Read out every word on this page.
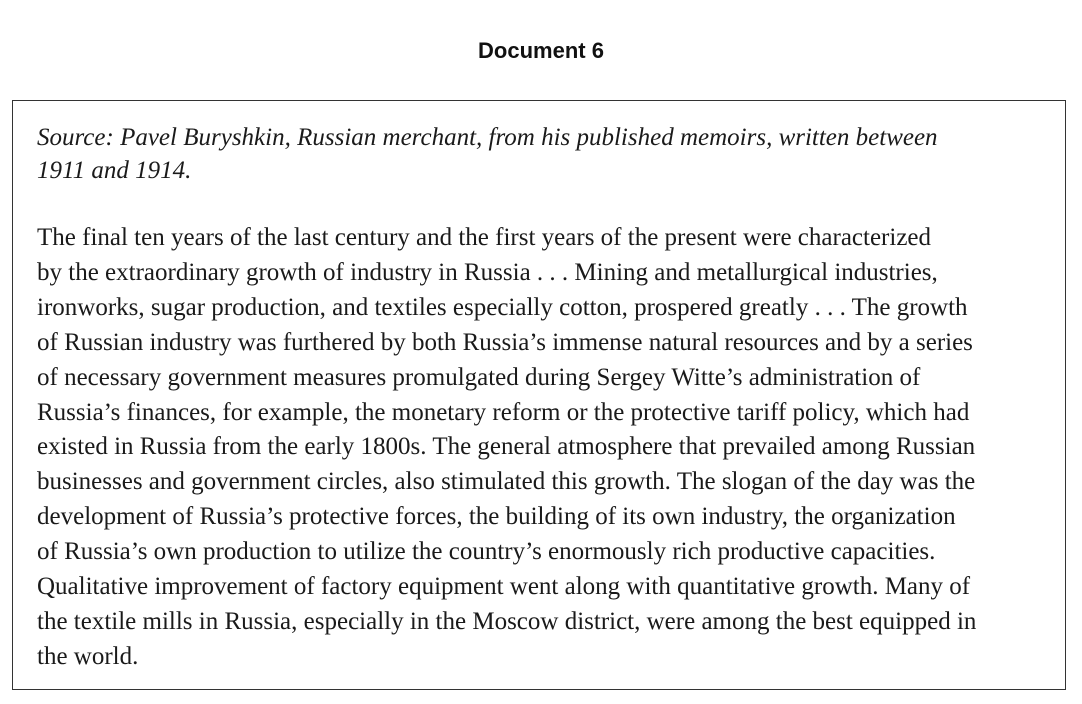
Document 6
Source: Pavel Buryshkin, Russian merchant, from his published memoirs, written between
1911 and 1914.
The final ten years of the last century and the first years of the present were characterized
by the extraordinary growth of industry in Russia . . . Mining and metallurgical industries,
ironworks, sugar production, and textiles especially cotton, prospered greatly . . . The growth
of Russian industry was furthered by both Russia’s immense natural resources and by a series
of necessary government measures promulgated during Sergey Witte’s administration of
Russia’s finances, for example, the monetary reform or the protective tariff policy, which had
existed in Russia from the early 1800s. The general atmosphere that prevailed among Russian
businesses and government circles, also stimulated this growth. The slogan of the day was the
development of Russia’s protective forces, the building of its own industry, the organization
of Russia’s own production to utilize the country’s enormously rich productive capacities.
Qualitative improvement of factory equipment went along with quantitative growth. Many of
the textile mills in Russia, especially in the Moscow district, were among the best equipped in
the world.
